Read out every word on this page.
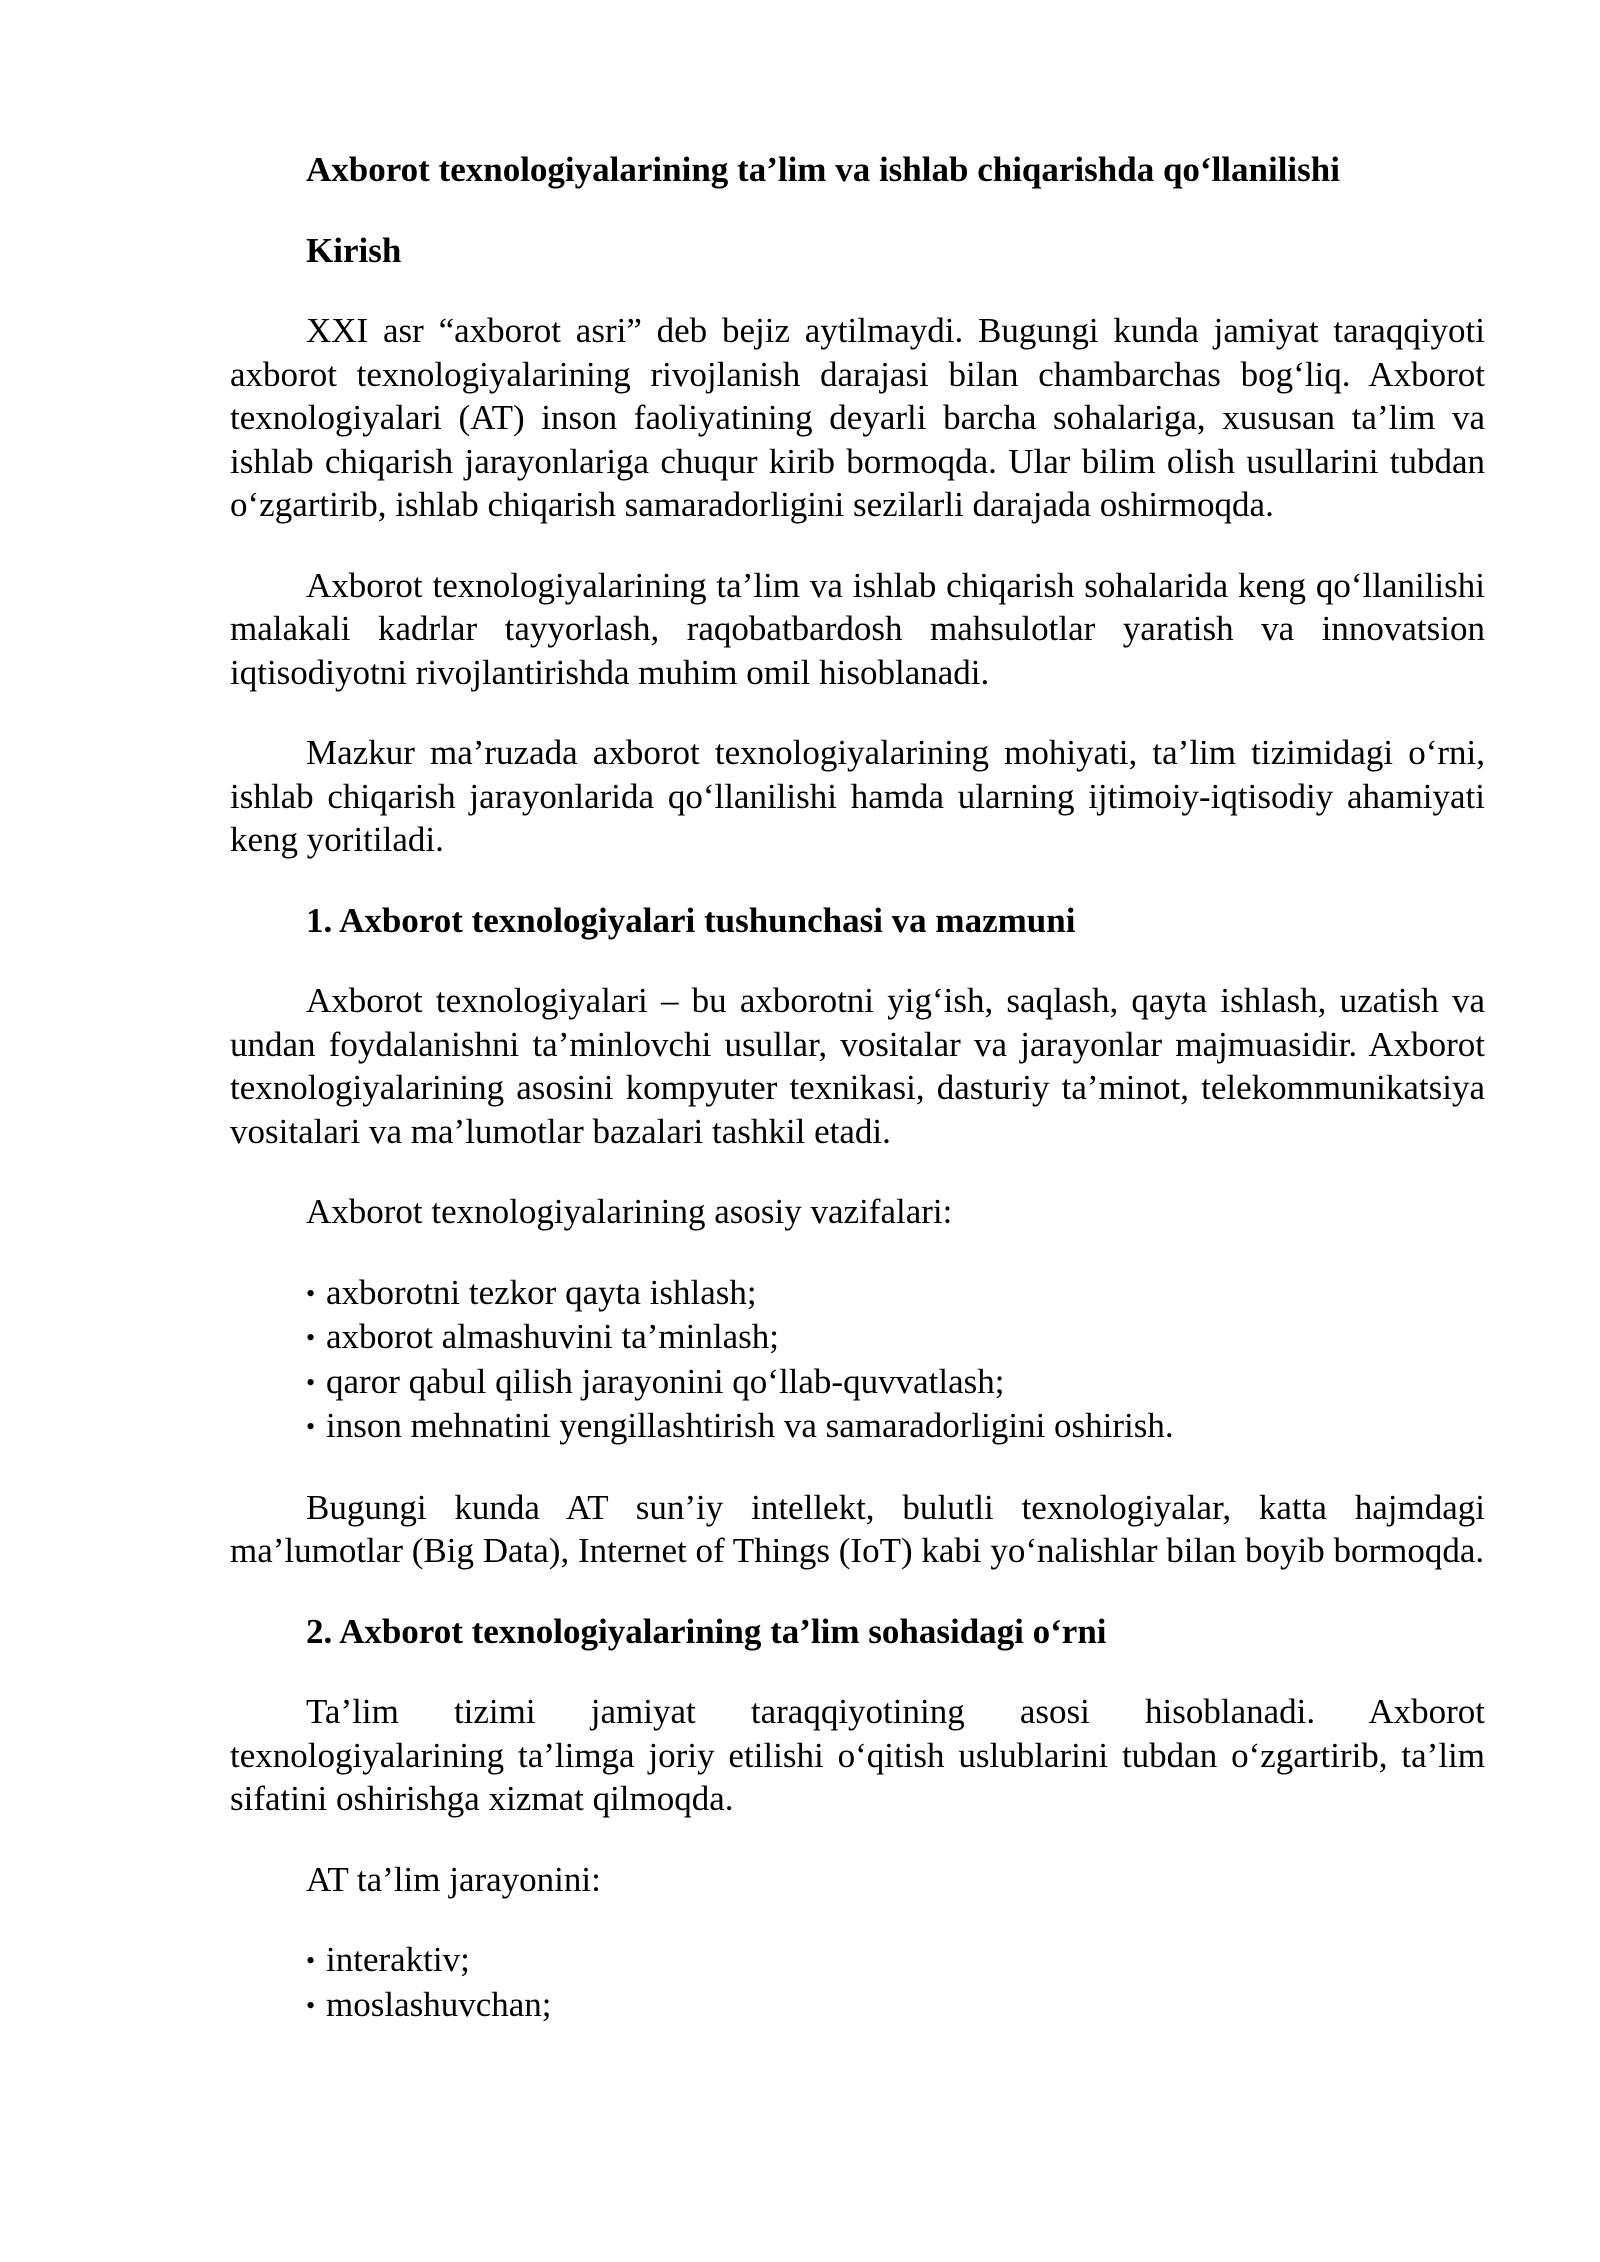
Axborot texnologiyalarining ta’lim va ishlab chiqarishda qo‘llanilishi
Kirish

XXI asr “axborot asri” deb bejiz aytilmaydi. Bugungi kunda jamiyat taraqqiyoti axborot texnologiyalarining rivojlanish darajasi bilan chambarchas bog‘liq. Axborot texnologiyalari (AT) inson faoliyatining deyarli barcha sohalariga, xususan ta’lim va ishlab chiqarish jarayonlariga chuqur kirib bormoqda. Ular bilim olish usullarini tubdan o‘zgartirib, ishlab chiqarish samaradorligini sezilarli darajada oshirmoqda.

Axborot texnologiyalarining ta’lim va ishlab chiqarish sohalarida keng qo‘llanilishi malakali kadrlar tayyorlash, raqobatbardosh mahsulotlar yaratish va innovatsion iqtisodiyotni rivojlantirishda muhim omil hisoblanadi.

Mazkur ma’ruzada axborot texnologiyalarining mohiyati, ta’lim tizimidagi o‘rni, ishlab chiqarish jarayonlarida qo‘llanilishi hamda ularning ijtimoiy-iqtisodiy ahamiyati keng yoritiladi.

1. Axborot texnologiyalari tushunchasi va mazmuni

Axborot texnologiyalari – bu axborotni yig‘ish, saqlash, qayta ishlash, uzatish va undan foydalanishni ta’minlovchi usullar, vositalar va jarayonlar majmuasidir. Axborot texnologiyalarining asosini kompyuter texnikasi, dasturiy ta’minot, telekommunikatsiya vositalari va ma’lumotlar bazalari tashkil etadi.

Axborot texnologiyalarining asosiy vazifalari:

• axborotni tezkor qayta ishlash;
• axborot almashuvini ta’minlash;
• qaror qabul qilish jarayonini qo‘llab-quvvatlash;
• inson mehnatini yengillashtirish va samaradorligini oshirish.

Bugungi kunda AT sun’iy intellekt, bulutli texnologiyalar, katta hajmdagi ma’lumotlar (Big Data), Internet of Things (IoT) kabi yo‘nalishlar bilan boyib bormoqda.

2. Axborot texnologiyalarining ta’lim sohasidagi o‘rni

Ta’lim tizimi jamiyat taraqqiyotining asosi hisoblanadi. Axborot texnologiyalarining ta’limga joriy etilishi o‘qitish uslublarini tubdan o‘zgartirib, ta’lim sifatini oshirishga xizmat qilmoqda.

AT ta’lim jarayonini:

• interaktiv;
• moslashuvchan;
